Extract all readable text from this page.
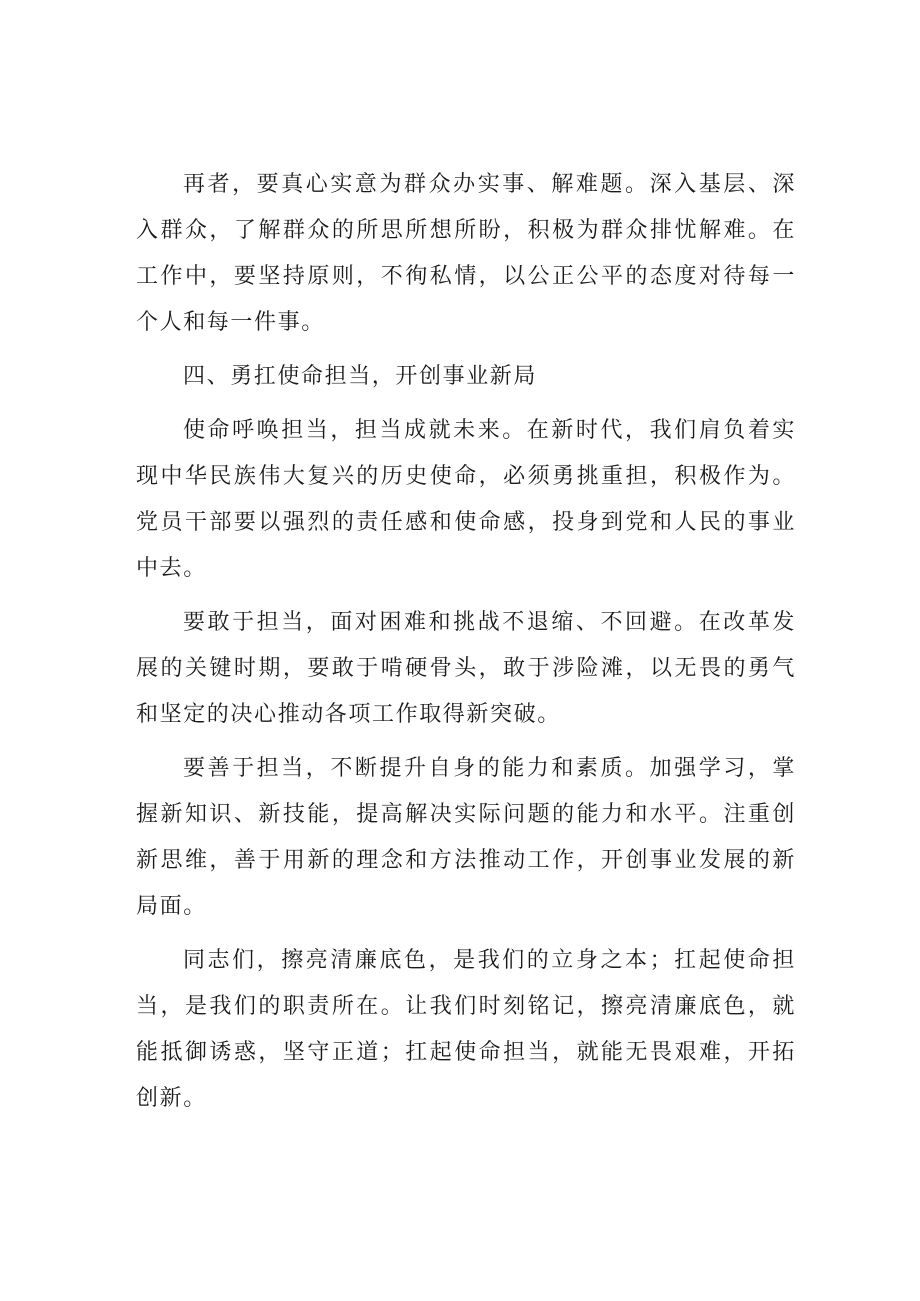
再者，要真心实意为群众办实事、解难题。深入基层、深入群众，了解群众的所思所想所盼，积极为群众排忧解难。在工作中，要坚持原则，不徇私情，以公正公平的态度对待每一个人和每一件事。

四、勇扛使命担当，开创事业新局

使命呼唤担当，担当成就未来。在新时代，我们肩负着实现中华民族伟大复兴的历史使命，必须勇挑重担，积极作为。党员干部要以强烈的责任感和使命感，投身到党和人民的事业中去。

要敢于担当，面对困难和挑战不退缩、不回避。在改革发展的关键时期，要敢于啃硬骨头，敢于涉险滩，以无畏的勇气和坚定的决心推动各项工作取得新突破。

要善于担当，不断提升自身的能力和素质。加强学习，掌握新知识、新技能，提高解决实际问题的能力和水平。注重创新思维，善于用新的理念和方法推动工作，开创事业发展的新局面。

同志们，擦亮清廉底色，是我们的立身之本；扛起使命担当，是我们的职责所在。让我们时刻铭记，擦亮清廉底色，就能抵御诱惑，坚守正道；扛起使命担当，就能无畏艰难，开拓创新。
